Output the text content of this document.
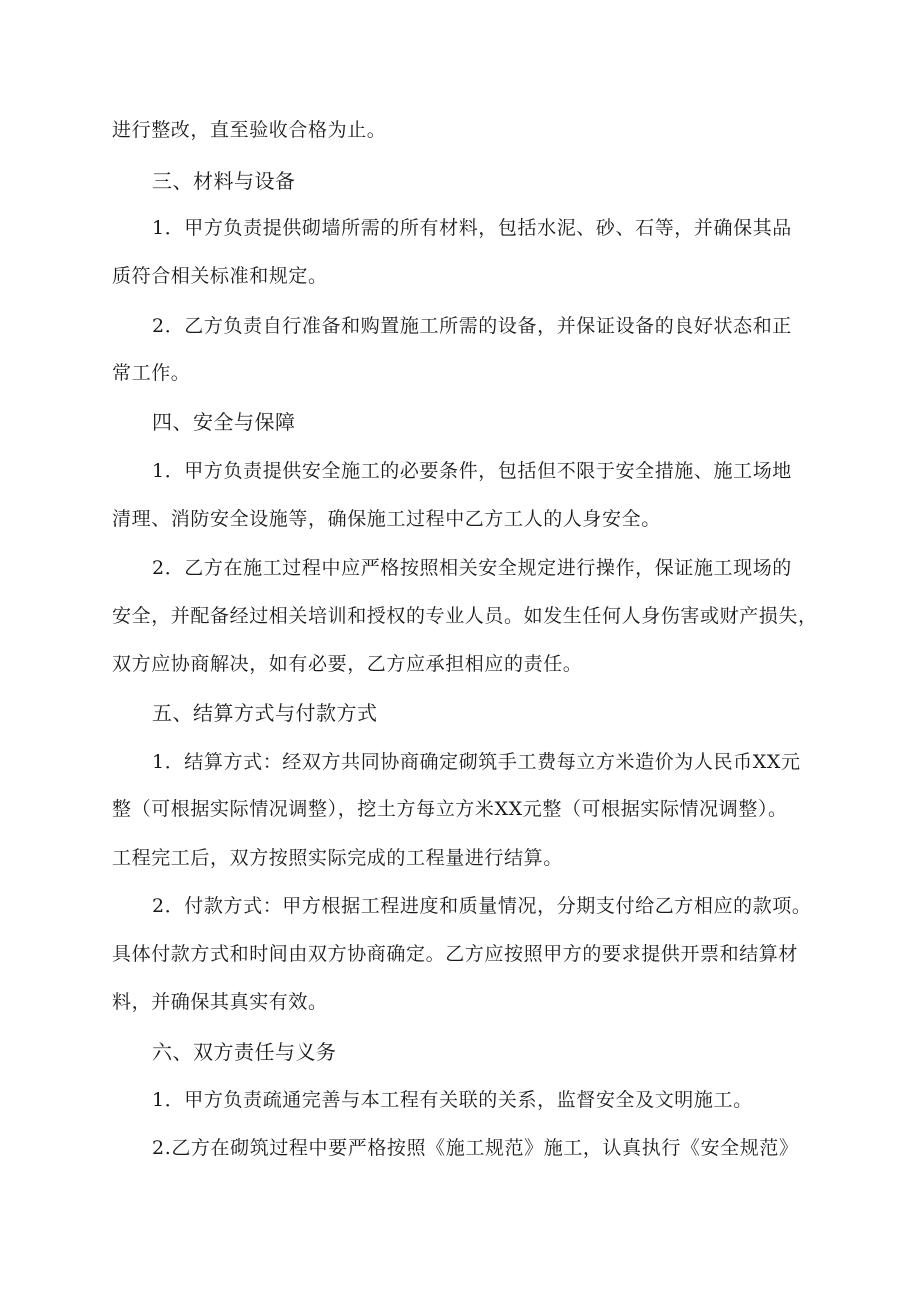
进行整改，直至验收合格为止。
三、材料与设备
1．甲方负责提供砌墙所需的所有材料，包括水泥、砂、石等，并确保其品
质符合相关标准和规定。
2．乙方负责自行准备和购置施工所需的设备，并保证设备的良好状态和正
常工作。
四、安全与保障
1．甲方负责提供安全施工的必要条件，包括但不限于安全措施、施工场地
清理、消防安全设施等，确保施工过程中乙方工人的人身安全。
2．乙方在施工过程中应严格按照相关安全规定进行操作，保证施工现场的
安全，并配备经过相关培训和授权的专业人员。如发生任何人身伤害或财产损失，
双方应协商解决，如有必要，乙方应承担相应的责任。
五、结算方式与付款方式
1．结算方式：经双方共同协商确定砌筑手工费每立方米造价为人民币XX元
整（可根据实际情况调整），挖土方每立方米XX元整（可根据实际情况调整）。
工程完工后，双方按照实际完成的工程量进行结算。
2．付款方式：甲方根据工程进度和质量情况，分期支付给乙方相应的款项。
具体付款方式和时间由双方协商确定。乙方应按照甲方的要求提供开票和结算材
料，并确保其真实有效。
六、双方责任与义务
1．甲方负责疏通完善与本工程有关联的关系，监督安全及文明施工。
2.乙方在砌筑过程中要严格按照《施工规范》施工，认真执行《安全规范》
